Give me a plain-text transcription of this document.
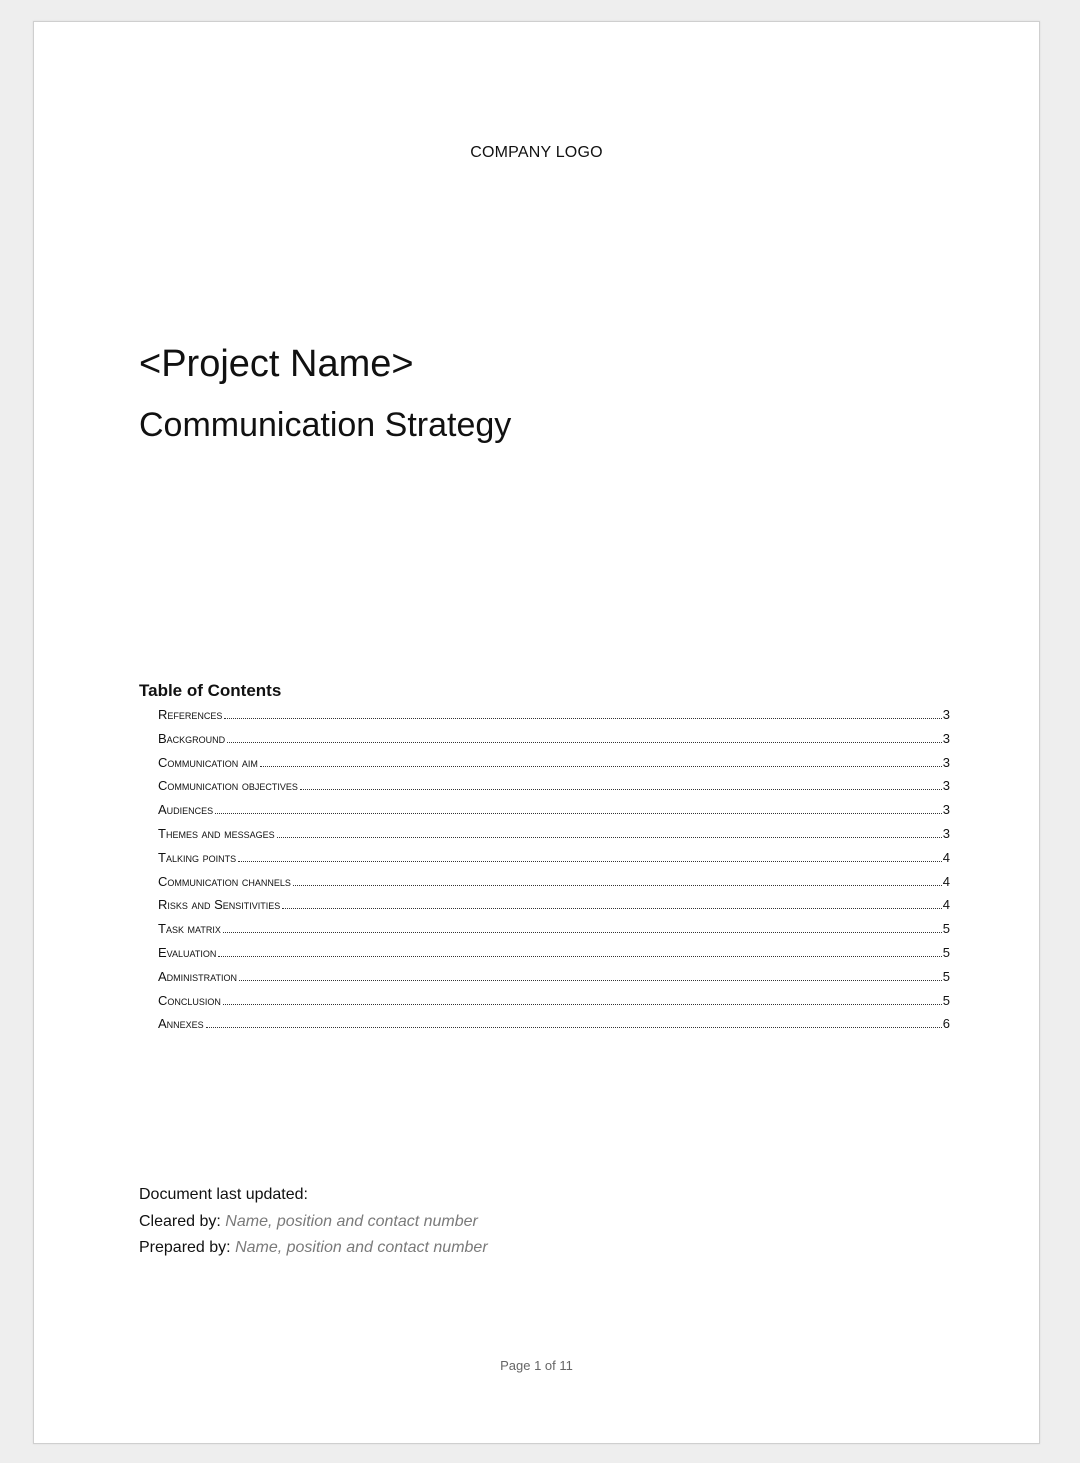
COMPANY LOGO
<Project Name>
Communication Strategy
Table of Contents
References	3
Background	3
Communication aim	3
Communication objectives	3
Audiences	3
Themes and messages	3
Talking points	4
Communication channels	4
Risks and Sensitivities	4
Task matrix	5
Evaluation	5
Administration	5
Conclusion	5
Annexes	6
Document last updated:
Cleared by: Name, position and contact number
Prepared by: Name, position and contact number
Page 1 of 11
